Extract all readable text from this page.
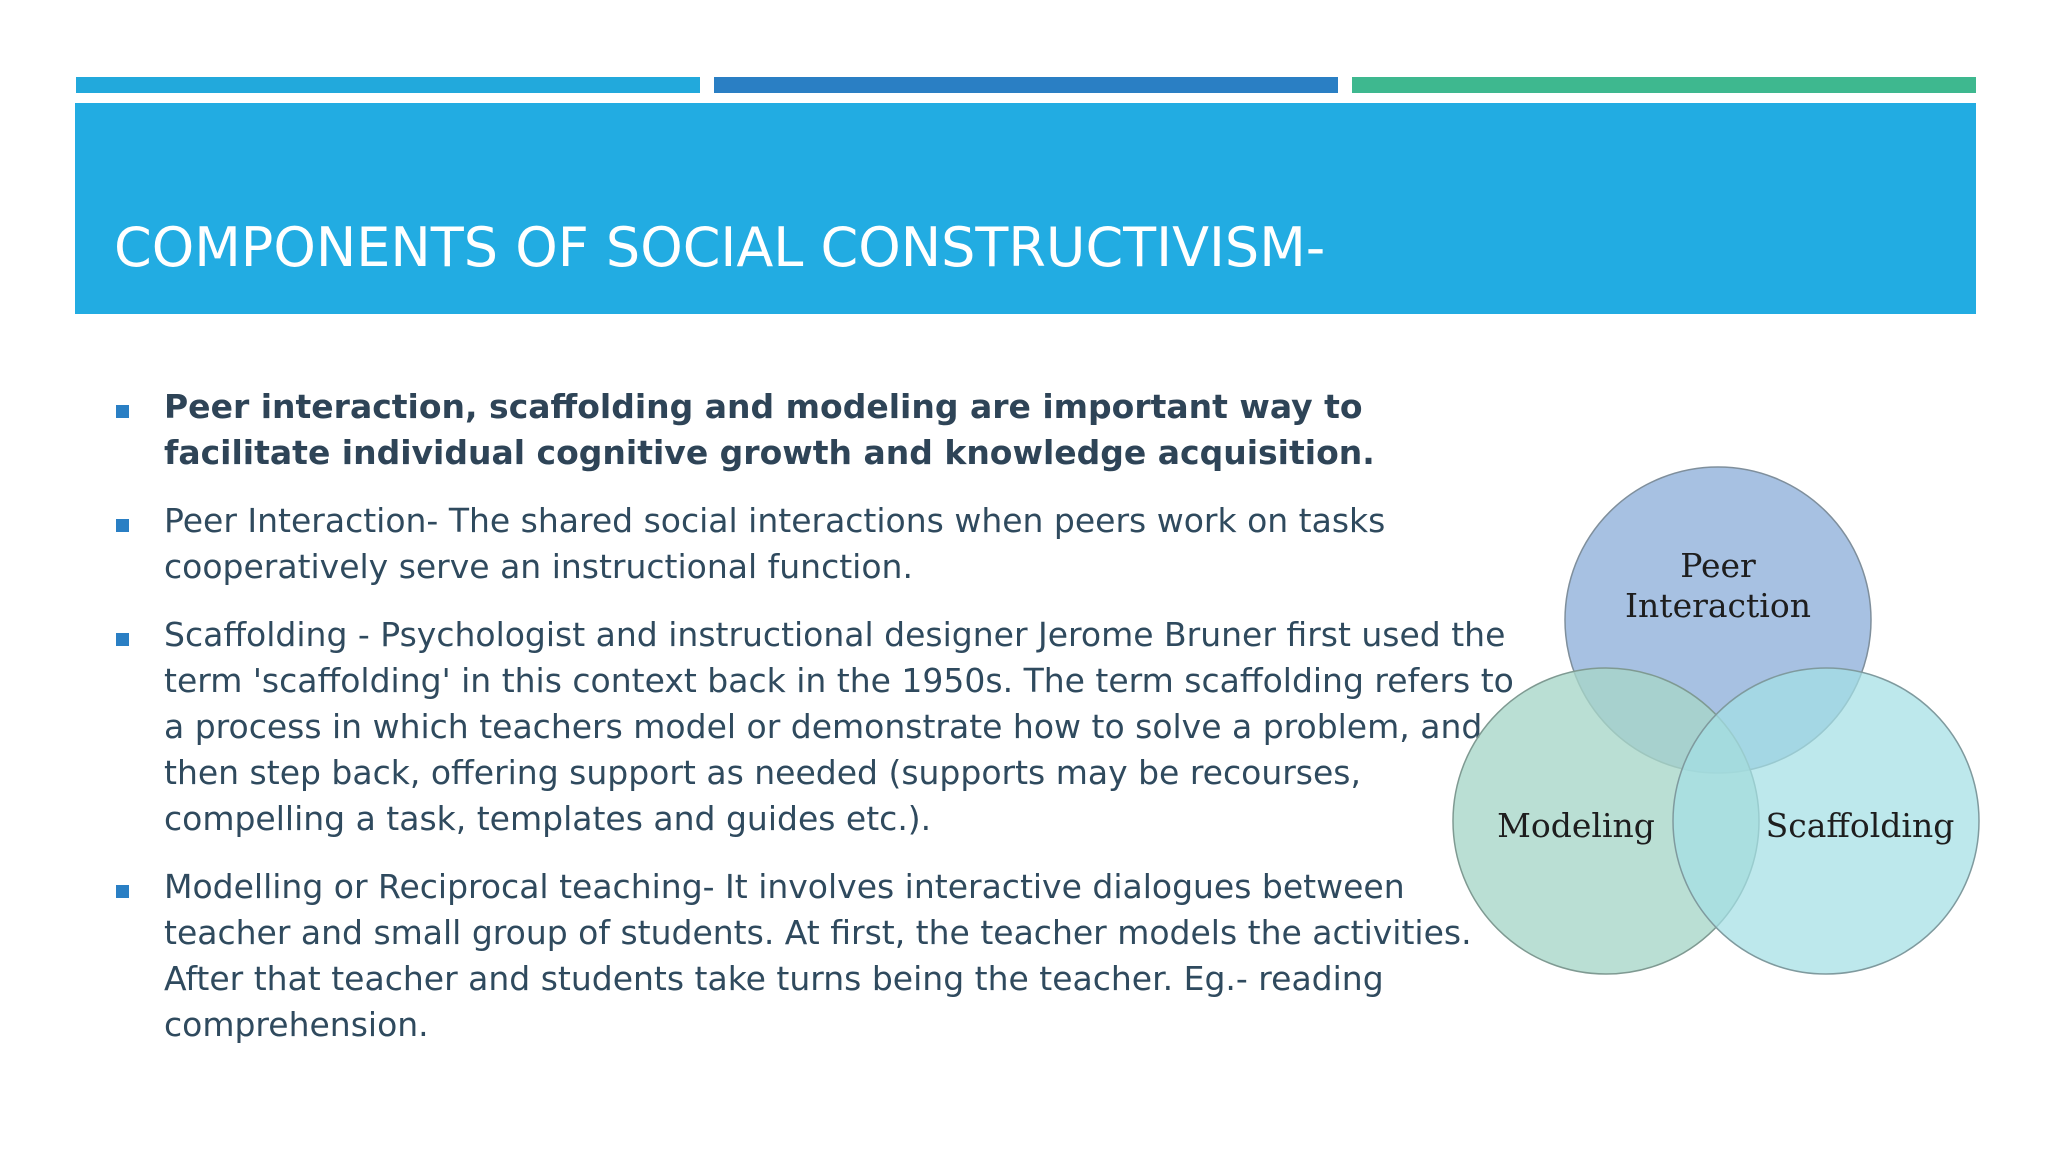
COMPONENTS OF SOCIAL CONSTRUCTIVISM-
Peer interaction, scaffolding and modeling are important way to
facilitate individual cognitive growth and knowledge acquisition.
Peer Interaction- The shared social interactions when peers work on tasks
cooperatively serve an instructional function.
Scaffolding - Psychologist and instructional designer Jerome Bruner first used the
term 'scaffolding' in this context back in the 1950s. The term scaffolding refers to
a process in which teachers model or demonstrate how to solve a problem, and
then step back, offering support as needed (supports may be recourses,
compelling a task, templates and guides etc.).
Modelling or Reciprocal teaching- It involves interactive dialogues between
teacher and small group of students. At first, the teacher models the activities.
After that teacher and students take turns being the teacher. Eg.- reading
comprehension.
Peer
Interaction
Modeling	Scaffolding
